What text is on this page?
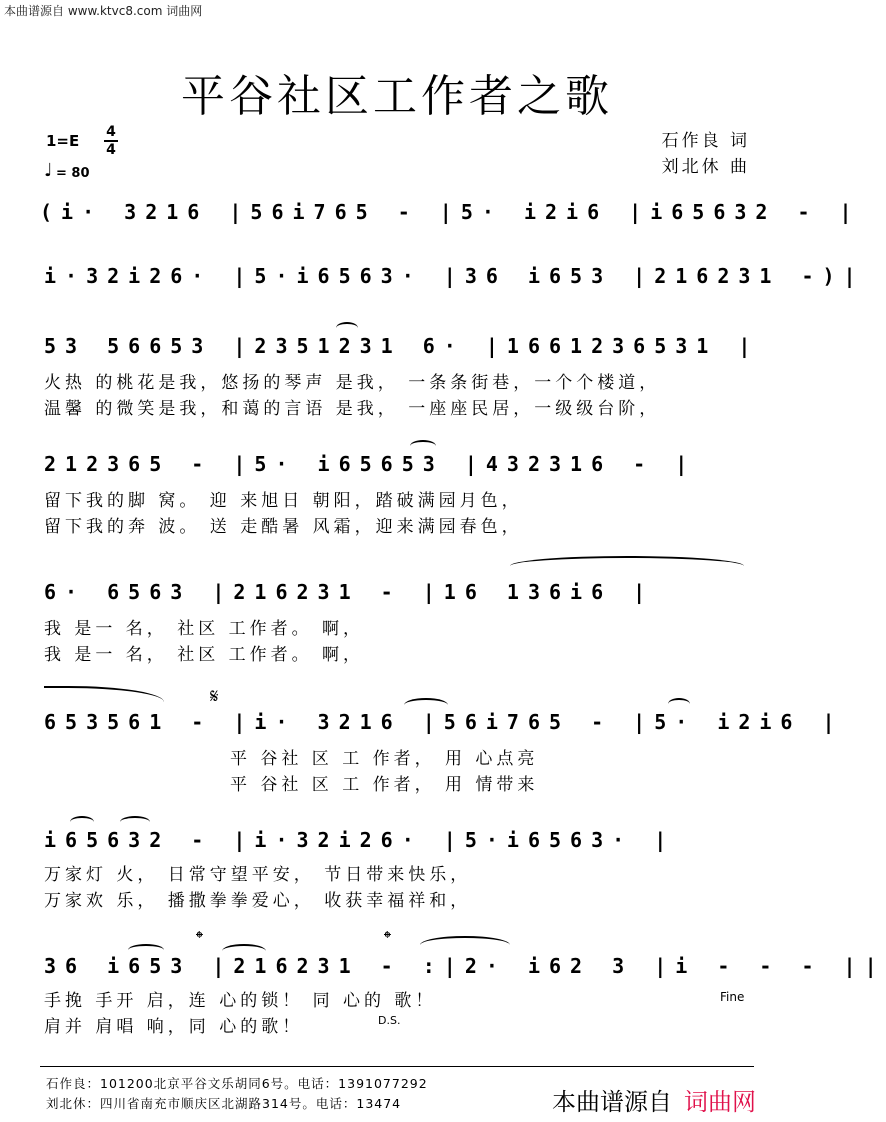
本曲谱源自 www.ktvc8.com 词曲网
平谷社区工作者之歌
1=E 4
4
♩ = 80
石作良 词
刘北休 曲
(i· 3216 |56i765 - |5· i2i6 |i65632 - |
i·32i26· |5·i6563· |36 i653 |216231 -)|
53 56653 |2351231 6· |1661236531 |
火热 的桃花是我，悠扬的琴声 是我， 一条条街巷，一个个楼道，
温馨 的微笑是我，和蔼的言语 是我， 一座座民居，一级级台阶，
212365 - |5· i65653 |432316 - |
留下我的脚 窝。 迎 来旭日 朝阳，踏破满园月色，
留下我的奔 波。 送 走酷暑 风霜，迎来满园春色，
6· 6563 |216231 - |16 136i6 |
我 是一 名， 社区 工作者。 啊，
我 是一 名， 社区 工作者。 啊，
𝄋
653561 - |i· 3216 |56i765 - |5· i2i6 |
平 谷社 区 工 作者， 用 心点亮
平 谷社 区 工 作者， 用 情带来
i65632 - |i·32i26· |5·i6563· |
万家灯 火， 日常守望平安， 节日带来快乐，
万家欢 乐， 播撒拳拳爱心， 收获幸福祥和，
𝄌	𝄌
36 i653 |216231 - :|2· i62 3 |i - - - ||
手挽 手开 启，连 心的锁！ 同 心的 歌！
肩并 肩唱 响，同 心的歌！
Fine
D.S.
石作良：101200北京平谷文乐胡同6号。电话：1391077292
刘北休：四川省南充市顺庆区北湖路314号。电话：13474	本曲谱源自 词曲网
